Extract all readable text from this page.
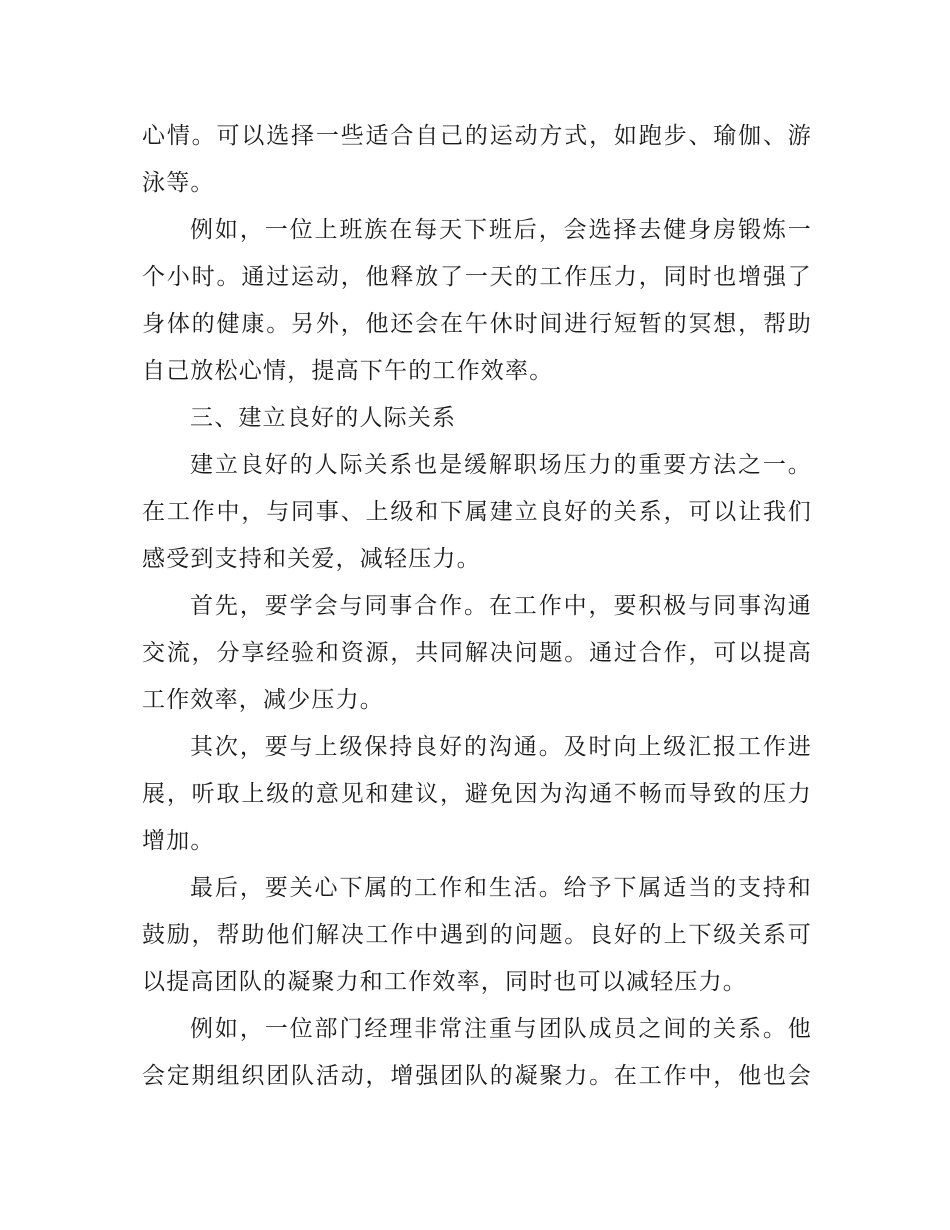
心情。可以选择一些适合自己的运动方式，如跑步、瑜伽、游
泳等。
例如，一位上班族在每天下班后，会选择去健身房锻炼一
个小时。通过运动，他释放了一天的工作压力，同时也增强了
身体的健康。另外，他还会在午休时间进行短暂的冥想，帮助
自己放松心情，提高下午的工作效率。
三、建立良好的人际关系
建立良好的人际关系也是缓解职场压力的重要方法之一。
在工作中，与同事、上级和下属建立良好的关系，可以让我们
感受到支持和关爱，减轻压力。
首先，要学会与同事合作。在工作中，要积极与同事沟通
交流，分享经验和资源，共同解决问题。通过合作，可以提高
工作效率，减少压力。
其次，要与上级保持良好的沟通。及时向上级汇报工作进
展，听取上级的意见和建议，避免因为沟通不畅而导致的压力
增加。
最后，要关心下属的工作和生活。给予下属适当的支持和
鼓励，帮助他们解决工作中遇到的问题。良好的上下级关系可
以提高团队的凝聚力和工作效率，同时也可以减轻压力。
例如，一位部门经理非常注重与团队成员之间的关系。他
会定期组织团队活动，增强团队的凝聚力。在工作中，他也会
